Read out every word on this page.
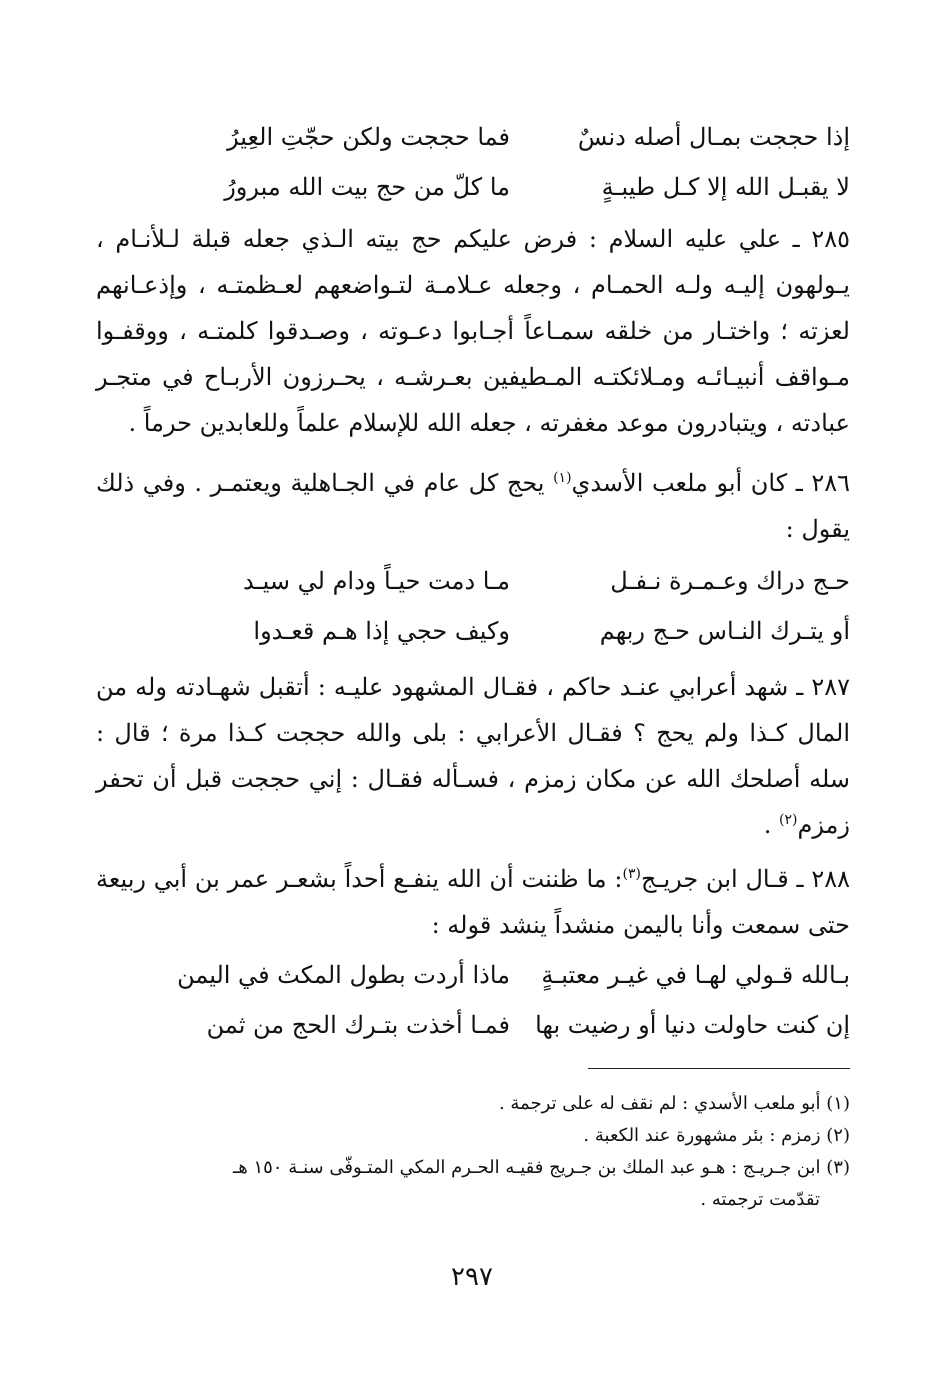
إذا حججت بمـال أصله دنسٌ
فما حججت ولكن حجّتِ العِيرُ
لا يقبـل الله إلا كـل طيبـةٍ
ما كلّ من حج بيت الله مبرورُ

٢٨٥ ـ علي عليه السلام : فرض عليكم حج بيته الـذي جعله قبلة لـلأنـام ، يـولهون إليـه ولـه الحمـام ، وجعله عـلامـة لتـواضعهم لعـظمتـه ، وإذعـانهم لعزته ؛ واختـار من خلقه سمـاعاً أجـابوا دعـوته ، وصـدقوا كلمتـه ، ووقفـوا مـواقف أنبيـائـه ومـلائكتـه المـطيفين بعـرشـه ، يحـرزون الأربـاح في متجـر عبادته ، ويتبادرون موعد مغفرته ، جعله الله للإسلام علماً وللعابدين حرماً .

٢٨٦ ـ كان أبو ملعب الأسدي$^{(١)}$ يحج كل عام في الجـاهلية ويعتمـر . وفي ذلك يقول :

حـج دراك وعـمـرة نـفـل
مـا دمت حيـاً ودام لي سيـد
أو يتـرك النـاس حـج ربهم
وكيف حجي إذا هـم قعـدوا

٢٨٧ ـ شهد أعرابي عنـد حاكم ، فقـال المشهود عليـه : أتقبل شهـادته وله من المال كـذا ولم يحج ؟ فقـال الأعرابي : بلى والله حججت كـذا مرة ؛ قال : سله أصلحك الله عن مكان زمزم ، فسـأله فقـال : إني حججت قبل أن تحفر زمزم$^{(٢)}$ .

٢٨٨ ـ قـال ابن جريـج$^{(٣)}$: ما ظننت أن الله ينفـع أحداً بشعـر عمر بن أبي ربيعة حتى سمعت وأنا باليمن منشداً ينشد قوله :

بـالله قـولي لهـا في غيـر معتبـةٍ
ماذا أردت بطول المكث في اليمن
إن كنت حاولت دنيا أو رضيت بها
فمـا أخذت بتـرك الحج من ثمن

(١) أبو ملعب الأسدي : لم نقف له على ترجمة .

(٢) زمزم : بئر مشهورة عند الكعبة .

(٣) ابن جـريـج : هـو عبد الملك بن جـريج فقيـه الحـرم المكي المتـوفّى سنـة ١٥٠ هـ

تقدّمت ترجمته .

٢٩٧
